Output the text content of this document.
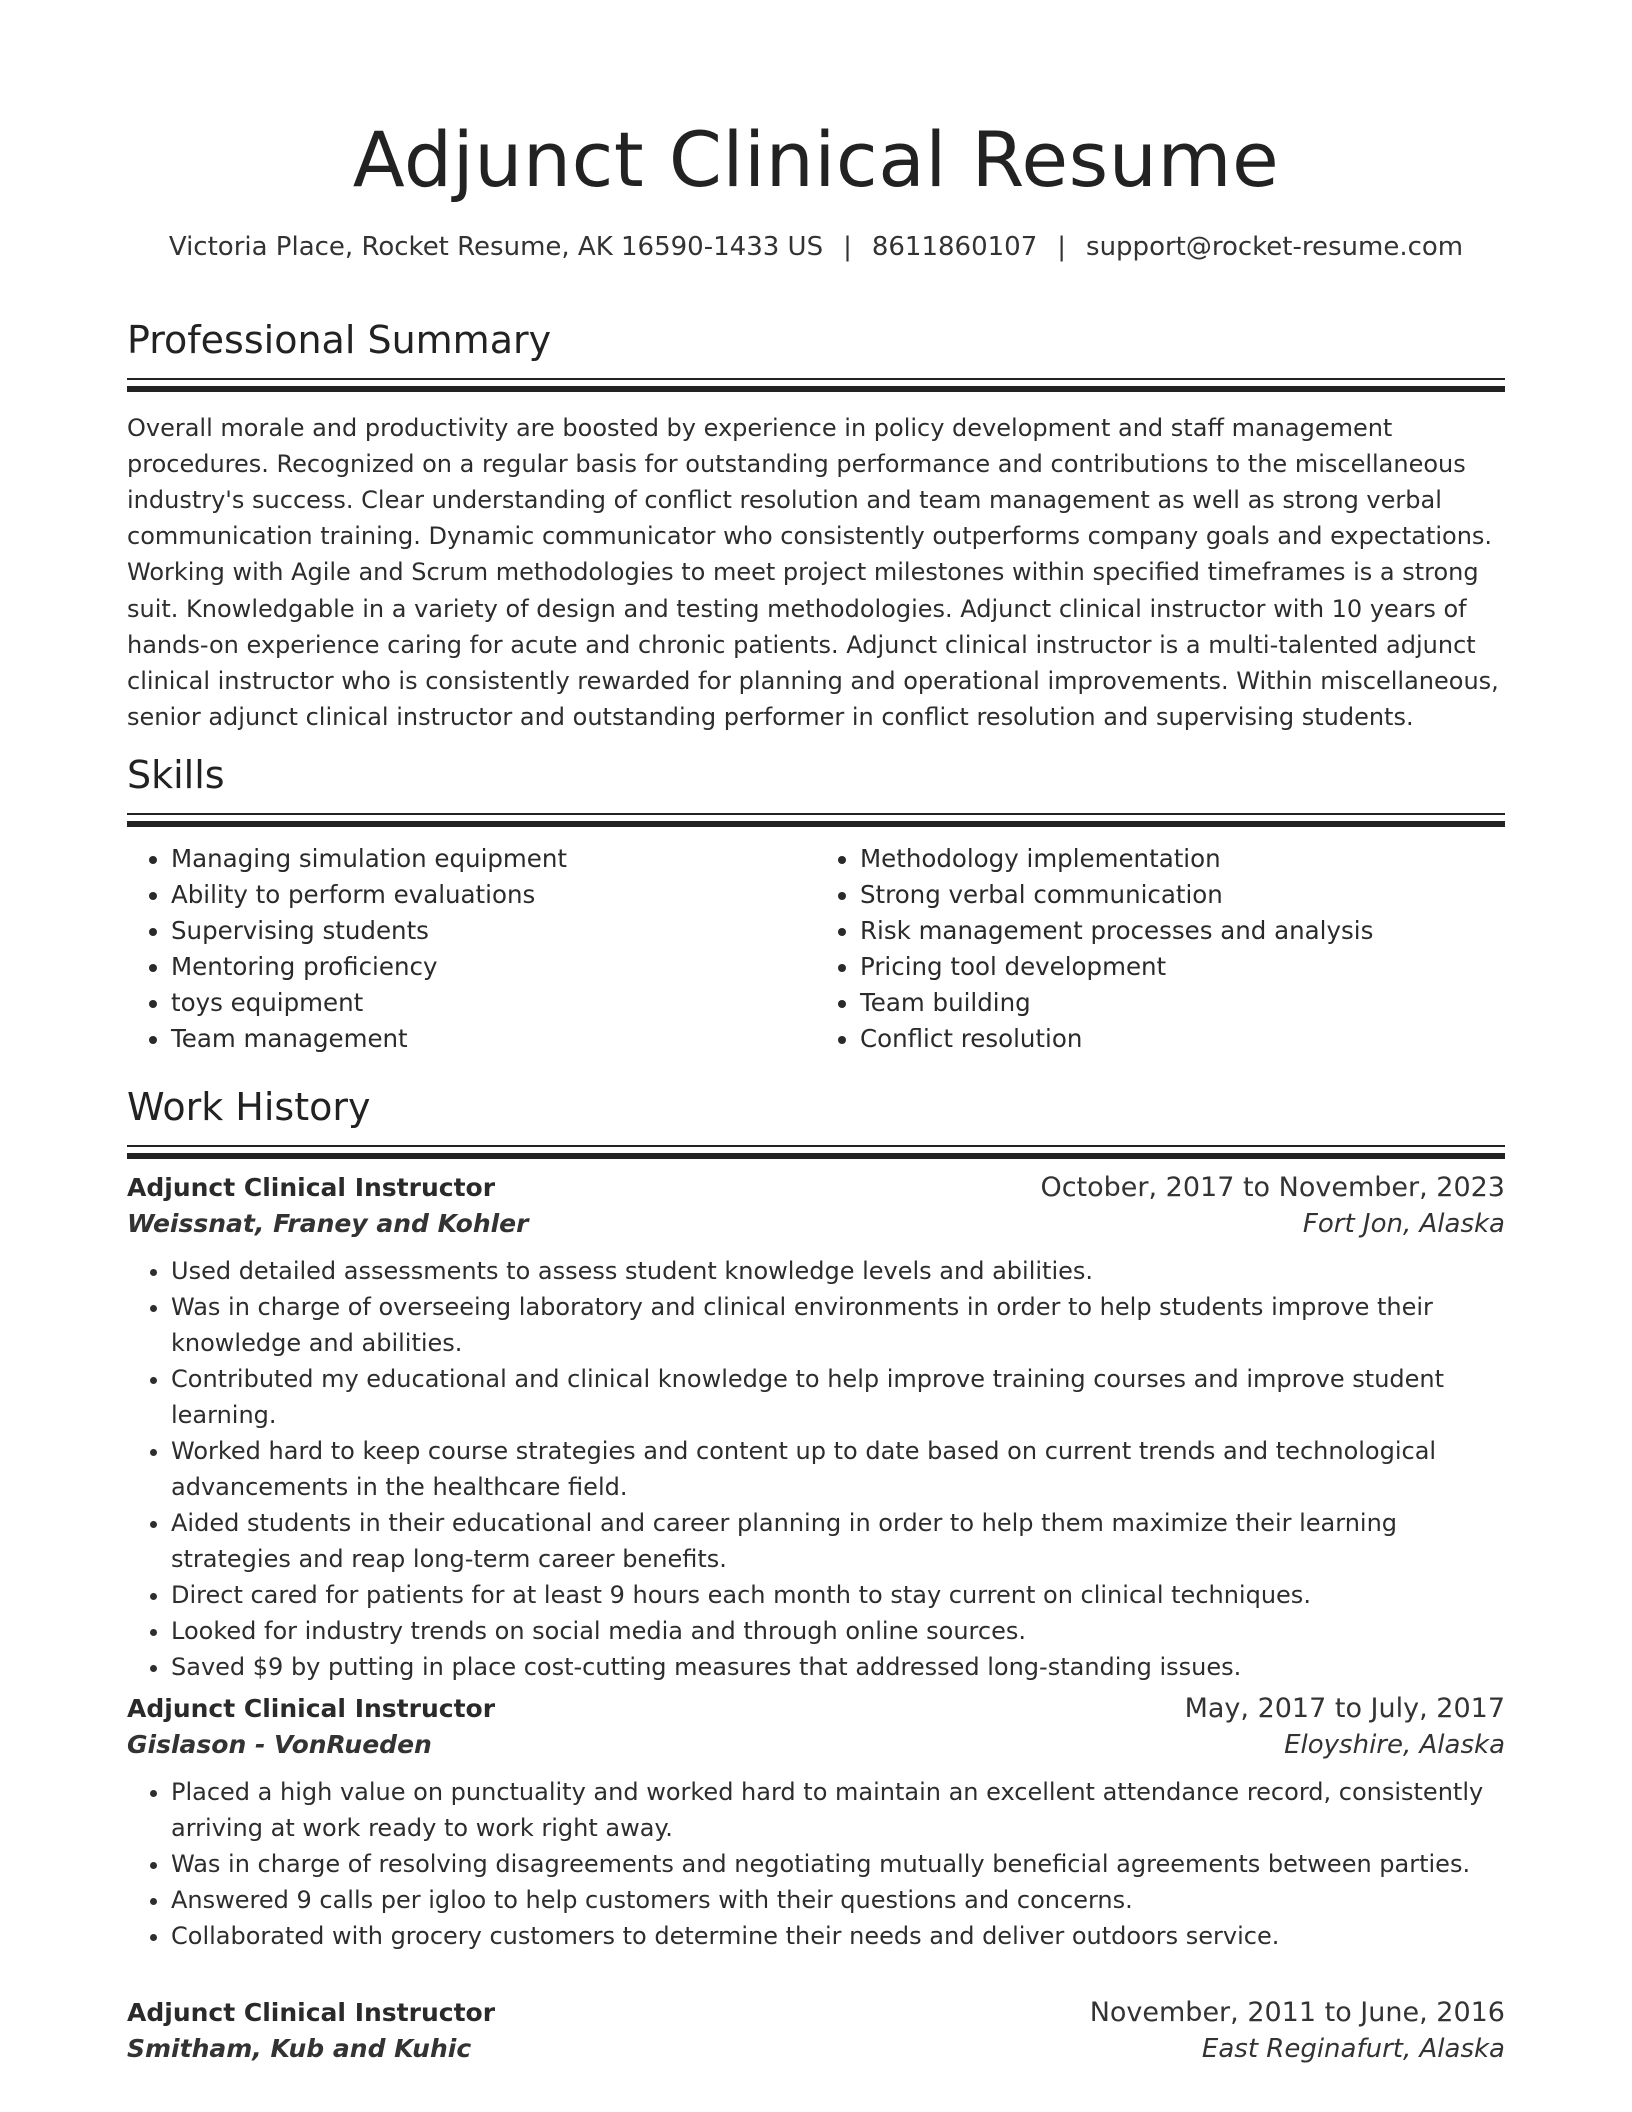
Adjunct Clinical Resume
Victoria Place, Rocket Resume, AK 16590-1433 US | 8611860107 | support@rocket-resume.com
Professional Summary
Overall morale and productivity are boosted by experience in policy development and staff management procedures. Recognized on a regular basis for outstanding performance and contributions to the miscellaneous industry's success. Clear understanding of conflict resolution and team management as well as strong verbal communication training. Dynamic communicator who consistently outperforms company goals and expectations. Working with Agile and Scrum methodologies to meet project milestones within specified timeframes is a strong suit. Knowledgable in a variety of design and testing methodologies. Adjunct clinical instructor with 10 years of hands-on experience caring for acute and chronic patients. Adjunct clinical instructor is a multi-talented adjunct clinical instructor who is consistently rewarded for planning and operational improvements. Within miscellaneous, senior adjunct clinical instructor and outstanding performer in conflict resolution and supervising students.
Skills
• Managing simulation equipment
• Ability to perform evaluations
• Supervising students
• Mentoring proficiency
• toys equipment
• Team management
• Methodology implementation
• Strong verbal communication
• Risk management processes and analysis
• Pricing tool development
• Team building
• Conflict resolution
Work History
Adjunct Clinical Instructor	October, 2017 to November, 2023
Weissnat, Franey and Kohler	Fort Jon, Alaska
• Used detailed assessments to assess student knowledge levels and abilities.
• Was in charge of overseeing laboratory and clinical environments in order to help students improve their knowledge and abilities.
• Contributed my educational and clinical knowledge to help improve training courses and improve student learning.
• Worked hard to keep course strategies and content up to date based on current trends and technological advancements in the healthcare field.
• Aided students in their educational and career planning in order to help them maximize their learning strategies and reap long-term career benefits.
• Direct cared for patients for at least 9 hours each month to stay current on clinical techniques.
• Looked for industry trends on social media and through online sources.
• Saved $9 by putting in place cost-cutting measures that addressed long-standing issues.
Adjunct Clinical Instructor	May, 2017 to July, 2017
Gislason - VonRueden	Eloyshire, Alaska
• Placed a high value on punctuality and worked hard to maintain an excellent attendance record, consistently arriving at work ready to work right away.
• Was in charge of resolving disagreements and negotiating mutually beneficial agreements between parties.
• Answered 9 calls per igloo to help customers with their questions and concerns.
• Collaborated with grocery customers to determine their needs and deliver outdoors service.
Adjunct Clinical Instructor	November, 2011 to June, 2016
Smitham, Kub and Kuhic	East Reginafurt, Alaska
